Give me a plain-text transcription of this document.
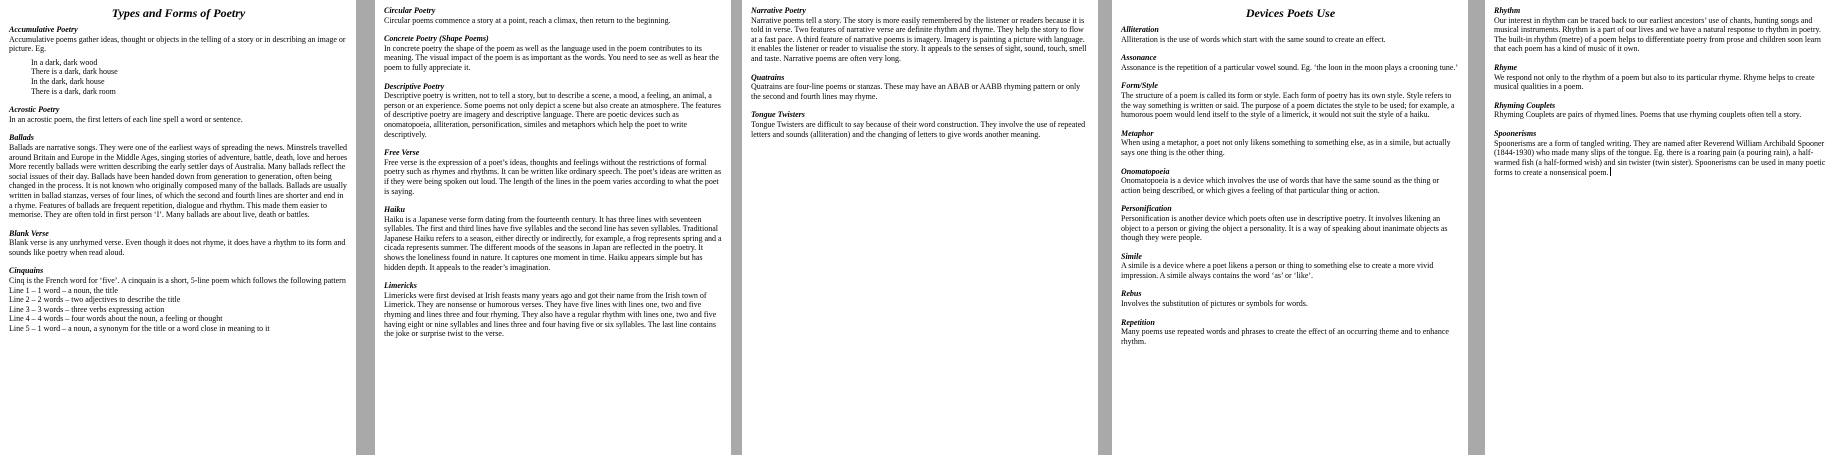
Types and Forms of Poetry
Accumulative Poetry
Accumulative poems gather ideas, thought or objects in the telling of a story or in describing an image or picture. Eg.
In a dark, dark wood
There is a dark, dark house
In the dark, dark house
There is a dark, dark room
Acrostic Poetry
In an acrostic poem, the first letters of each line spell a word or sentence.
Ballads
Ballads are narrative songs. They were one of the earliest ways of spreading the news. Minstrels travelled around Britain and Europe in the Middle Ages, singing stories of adventure, battle, death, love and heroes More recently ballads were written describing the early settler days of Australia. Many ballads reflect the social issues of their day. Ballads have been handed down from generation to generation, often being changed in the process. It is not known who originally composed many of the ballads. Ballads are usually written in ballad stanzas, verses of four lines, of which the second and fourth lines are shorter and end in a rhyme. Features of ballads are frequent repetition, dialogue and rhythm. This made them easier to memorise. They are often told in first person ‘I’. Many ballads are about live, death or battles.
Blank Verse
Blank verse is any unrhymed verse. Even though it does not rhyme, it does have a rhythm to its form and sounds like poetry when read aloud.
Cinquains
Cinq is the French word for ‘five’. A cinquain is a short, 5-line poem which follows the following pattern
Line 1 – 1 word – a noun, the title
Line 2 – 2 words – two adjectives to describe the title
Line 3 – 3 words – three verbs expressing action
Line 4 – 4 words – four words about the noun, a feeling or thought
Line 5 – 1 word – a noun, a synonym for the title or a word close in meaning to it
Circular Poetry
Circular poems commence a story at a point, reach a climax, then return to the beginning.
Concrete Poetry (Shape Poems)
In concrete poetry the shape of the poem as well as the language used in the poem contributes to its meaning. The visual impact of the poem is as important as the words. You need to see as well as hear the poem to fully appreciate it.
Descriptive Poetry
Descriptive poetry is written, not to tell a story, but to describe a scene, a mood, a feeling, an animal, a person or an experience. Some poems not only depict a scene but also create an atmosphere. The features of descriptive poetry are imagery and descriptive language. There are poetic devices such as onomatopoeia, alliteration, personification, similes and metaphors which help the poet to write descriptively.
Free Verse
Free verse is the expression of a poet’s ideas, thoughts and feelings without the restrictions of formal poetry such as rhymes and rhythms. It can be written like ordinary speech. The poet’s ideas are written as if they were being spoken out loud. The length of the lines in the poem varies according to what the poet is saying.
Haiku
Haiku is a Japanese verse form dating from the fourteenth century. It has three lines with seventeen syllables. The first and third lines have five syllables and the second line has seven syllables. Traditional Japanese Haiku refers to a season, either directly or indirectly, for example, a frog represents spring and a cicada represents summer. The different moods of the seasons in Japan are reflected in the poetry. It shows the loneliness found in nature. It captures one moment in time. Haiku appears simple but has hidden depth. It appeals to the reader’s imagination.
Limericks
Limericks were first devised at Irish feasts many years ago and got their name from the Irish town of Limerick. They are nonsense or humorous verses. They have five lines with lines one, two and five rhyming and lines three and four rhyming. They also have a regular rhythm with lines one, two and five having eight or nine syllables and lines three and four having five or six syllables. The last line contains the joke or surprise twist to the verse.
Narrative Poetry
Narrative poems tell a story. The story is more easily remembered by the listener or readers because it is told in verse. Two features of narrative verse are definite rhythm and rhyme. They help the story to flow at a fast pace. A third feature of narrative poems is imagery. Imagery is painting a picture with language. it enables the listener or reader to visualise the story. It appeals to the senses of sight, sound, touch, smell and taste. Narrative poems are often very long.
Quatrains
Quatrains are four-line poems or stanzas. These may have an ABAB or AABB rhyming pattern or only the second and fourth lines may rhyme.
Tongue Twisters
Tongue Twisters are difficult to say because of their word construction. They involve the use of repeated letters and sounds (alliteration) and the changing of letters to give words another meaning.
Devices Poets Use
Alliteration
Alliteration is the use of words which start with the same sound to create an effect.
Assonance
Assonance is the repetition of a particular vowel sound. Eg. ‘the loon in the moon plays a crooning tune.’
Form/Style
The structure of a poem is called its form or style. Each form of poetry has its own style. Style refers to the way something is written or said. The purpose of a poem dictates the style to be used; for example, a humorous poem would lend itself to the style of a limerick, it would not suit the style of a haiku.
Metaphor
When using a metaphor, a poet not only likens something to something else, as in a simile, but actually says one thing is the other thing.
Onomatopoeia
Onomatopoeia is a device which involves the use of words that have the same sound as the thing or action being described, or which gives a feeling of that particular thing or action.
Personification
Personification is another device which poets often use in descriptive poetry. It involves likening an object to a person or giving the object a personality. It is a way of speaking about inanimate objects as though they were people.
Simile
A simile is a device where a poet likens a person or thing to something else to create a more vivid impression. A simile always contains the word ‘as’ or ‘like’.
Rebus
Involves the substitution of pictures or symbols for words.
Repetition
Many poems use repeated words and phrases to create the effect of an occurring theme and to enhance rhythm.
Rhythm
Our interest in rhythm can be traced back to our earliest ancestors’ use of chants, hunting songs and musical instruments. Rhythm is a part of our lives and we have a natural response to rhythm in poetry. The built-in rhythm (metre) of a poem helps to differentiate poetry from prose and children soon learn that each poem has a kind of music of it own.
Rhyme
We respond not only to the rhythm of a poem but also to its particular rhyme. Rhyme helps to create musical qualities in a poem.
Rhyming Couplets
Rhyming Couplets are pairs of rhymed lines. Poems that use rhyming couplets often tell a story.
Spoonerisms
Spoonerisms are a form of tangled writing. They are named after Reverend William Archibald Spooner (1844-1930) who made many slips of the tongue. Eg. there is a roaring pain (a pouring rain), a half-warmed fish (a half-formed wish) and sin twister (twin sister). Spoonerisms can be used in many poetic forms to create a nonsensical poem.
